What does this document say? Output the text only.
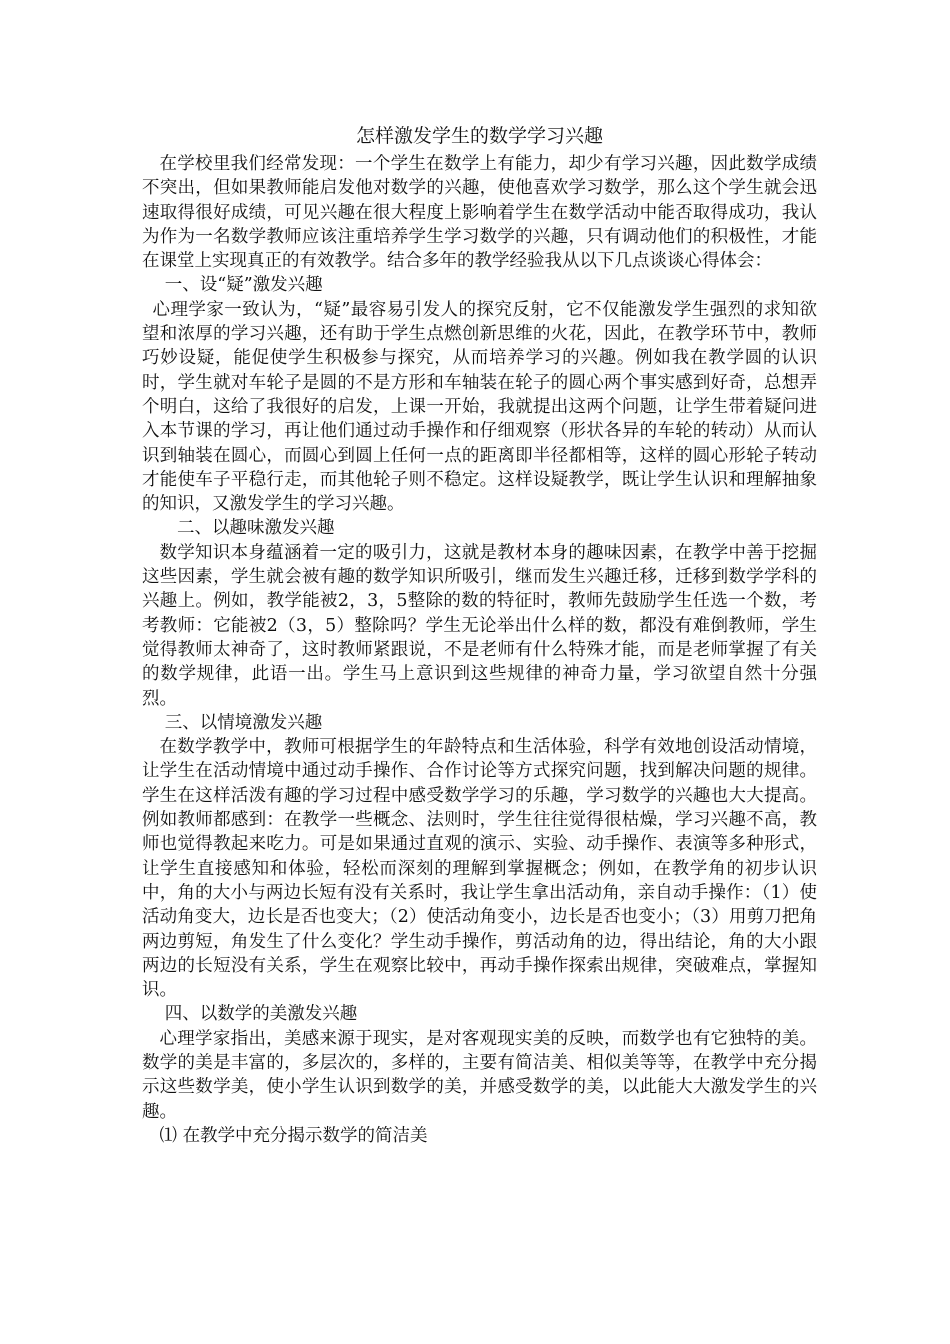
怎样激发学生的数学学习兴趣

在学校里我们经常发现：一个学生在数学上有能力，却少有学习兴趣，因此数学成绩不突出，但如果教师能启发他对数学的兴趣，使他喜欢学习数学，那么这个学生就会迅速取得很好成绩，可见兴趣在很大程度上影响着学生在数学活动中能否取得成功，我认为作为一名数学教师应该注重培养学生学习数学的兴趣，只有调动他们的积极性，才能在课堂上实现真正的有效教学。结合多年的教学经验我从以下几点谈谈心得体会：

一、设“疑”激发兴趣

心理学家一致认为，“疑”最容易引发人的探究反射，它不仅能激发学生强烈的求知欲望和浓厚的学习兴趣，还有助于学生点燃创新思维的火花，因此，在教学环节中，教师巧妙设疑，能促使学生积极参与探究，从而培养学习的兴趣。例如我在教学圆的认识时，学生就对车轮子是圆的不是方形和车轴装在轮子的圆心两个事实感到好奇，总想弄个明白，这给了我很好的启发，上课一开始，我就提出这两个问题，让学生带着疑问进入本节课的学习，再让他们通过动手操作和仔细观察（形状各异的车轮的转动）从而认识到轴装在圆心，而圆心到圆上任何一点的距离即半径都相等，这样的圆心形轮子转动才能使车子平稳行走，而其他轮子则不稳定。这样设疑教学，既让学生认识和理解抽象的知识，又激发学生的学习兴趣。

二、以趣味激发兴趣

数学知识本身蕴涵着一定的吸引力，这就是教材本身的趣味因素，在教学中善于挖掘这些因素，学生就会被有趣的数学知识所吸引，继而发生兴趣迁移，迁移到数学学科的兴趣上。例如，教学能被2，3，5整除的数的特征时，教师先鼓励学生任选一个数，考考教师：它能被2（3，5）整除吗？学生无论举出什么样的数，都没有难倒教师，学生觉得教师太神奇了，这时教师紧跟说，不是老师有什么特殊才能，而是老师掌握了有关的数学规律，此语一出。学生马上意识到这些规律的神奇力量，学习欲望自然十分强烈。

三、以情境激发兴趣

在数学教学中，教师可根据学生的年龄特点和生活体验，科学有效地创设活动情境，让学生在活动情境中通过动手操作、合作讨论等方式探究问题，找到解决问题的规律。学生在这样活泼有趣的学习过程中感受数学学习的乐趣，学习数学的兴趣也大大提高。例如教师都感到：在教学一些概念、法则时，学生往往觉得很枯燥，学习兴趣不高，教师也觉得教起来吃力。可是如果通过直观的演示、实验、动手操作、表演等多种形式，让学生直接感知和体验，轻松而深刻的理解到掌握概念；例如，在教学角的初步认识中，角的大小与两边长短有没有关系时，我让学生拿出活动角，亲自动手操作：（1）使活动角变大，边长是否也变大；（2）使活动角变小，边长是否也变小；（3）用剪刀把角两边剪短，角发生了什么变化？学生动手操作，剪活动角的边，得出结论，角的大小跟两边的长短没有关系，学生在观察比较中，再动手操作探索出规律，突破难点，掌握知识。

四、以数学的美激发兴趣

心理学家指出，美感来源于现实，是对客观现实美的反映，而数学也有它独特的美。数学的美是丰富的，多层次的，多样的，主要有简洁美、相似美等等，在教学中充分揭示这些数学美，使小学生认识到数学的美，并感受数学的美，以此能大大激发学生的兴趣。

⑴ 在教学中充分揭示数学的简洁美
